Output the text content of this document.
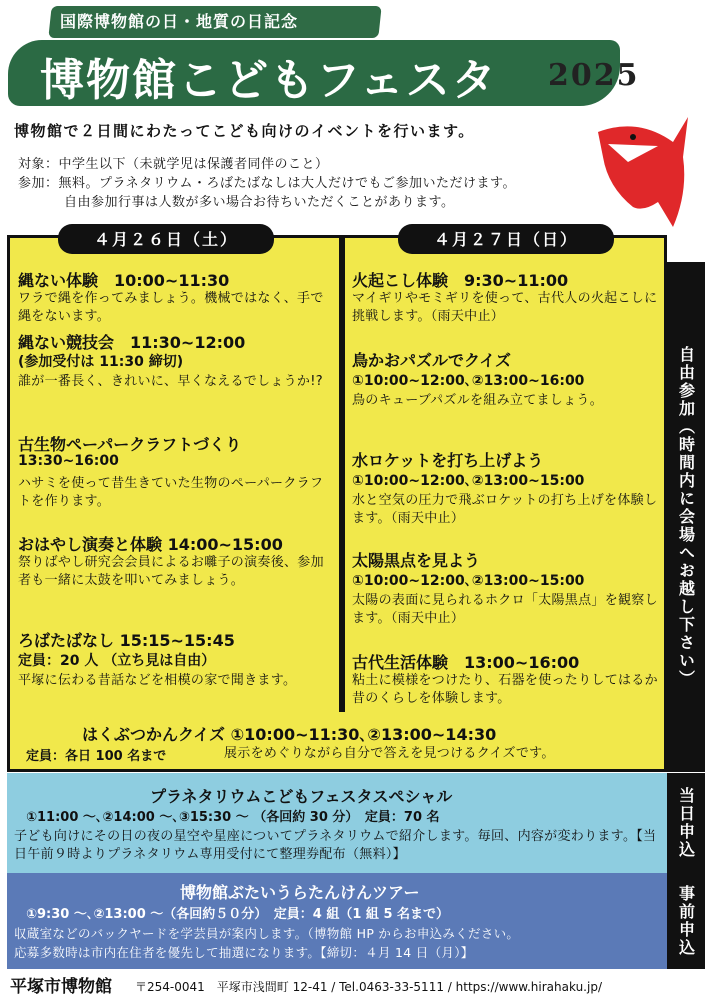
国際博物館の日・地質の日記念
博物館こどもフェスタ 2025
博物館で２日間にわたってこども向けのイベントを行います。
対象：中学生以下（未就学児は保護者同伴のこと）
参加：無料。プラネタリウム・ろばたばなしは大人だけでもご参加いただけます。
自由参加行事は人数が多い場合お待ちいただくことがあります。
４月２６日（土）	４月２７日（日）
縄ない体験　10:00~11:30
ワラで縄を作ってみましょう。機械ではなく、手で縄をないます。
縄ない競技会　11:30~12:00
(参加受付は 11:30 締切)
誰が一番長く、きれいに、早くなえるでしょうか!?
古生物ペーパークラフトづくり
13:30~16:00
ハサミを使って昔生きていた生物のペーパークラフトを作ります。
おはやし演奏と体験 14:00~15:00
祭りばやし研究会会員によるお囃子の演奏後、参加者も一緒に太鼓を叩いてみましょう。
ろばたばなし 15:15~15:45
定員：20 人 （立ち見は自由）
平塚に伝わる昔話などを相模の家で聞きます。
火起こし体験　9:30~11:00
マイギリやモミギリを使って、古代人の火起こしに挑戦します。（雨天中止）
鳥かおパズルでクイズ
①10:00~12:00､②13:00~16:00
鳥のキューブパズルを組み立てましょう。
水ロケットを打ち上げよう
①10:00~12:00､②13:00~15:00
水と空気の圧力で飛ぶロケットの打ち上げを体験します。（雨天中止）
太陽黒点を見よう
①10:00~12:00､②13:00~15:00
太陽の表面に見られるホクロ「太陽黒点」を観察します。（雨天中止）
古代生活体験　13:00~16:00
粘土に模様をつけたり、石器を使ったりしてはるか昔のくらしを体験します。
はくぶつかんクイズ ①10:00~11:30､②13:00~14:30
定員：各日 100 名まで	展示をめぐりながら自分で答えを見つけるクイズです。
自由参加（時間内に会場へお越し下さい）
当日申込
事前申込
プラネタリウムこどもフェスタスペシャル
①11:00 ～､②14:00 ～､③15:30 ～ （各回約 30 分）　定員：70 名
子ども向けにその日の夜の星空や星座についてプラネタリウムで紹介します。毎回、内容が変わります。【当日午前９時よりプラネタリウム専用受付にて整理券配布（無料）】
博物館ぶたいうらたんけんツアー
①9:30 ～､②13:00 ～（各回約５０分）　定員：4 組（1 組 5 名まで）
収蔵室などのバックヤードを学芸員が案内します。（博物館 HP からお申込みください。
応募多数時は市内在住者を優先して抽選になります。【締切：４月 14 日（月）】
平塚市博物館 〒254-0041　平塚市浅間町 12-41 / Tel.0463-33-5111 / https://www.hirahaku.jp/
